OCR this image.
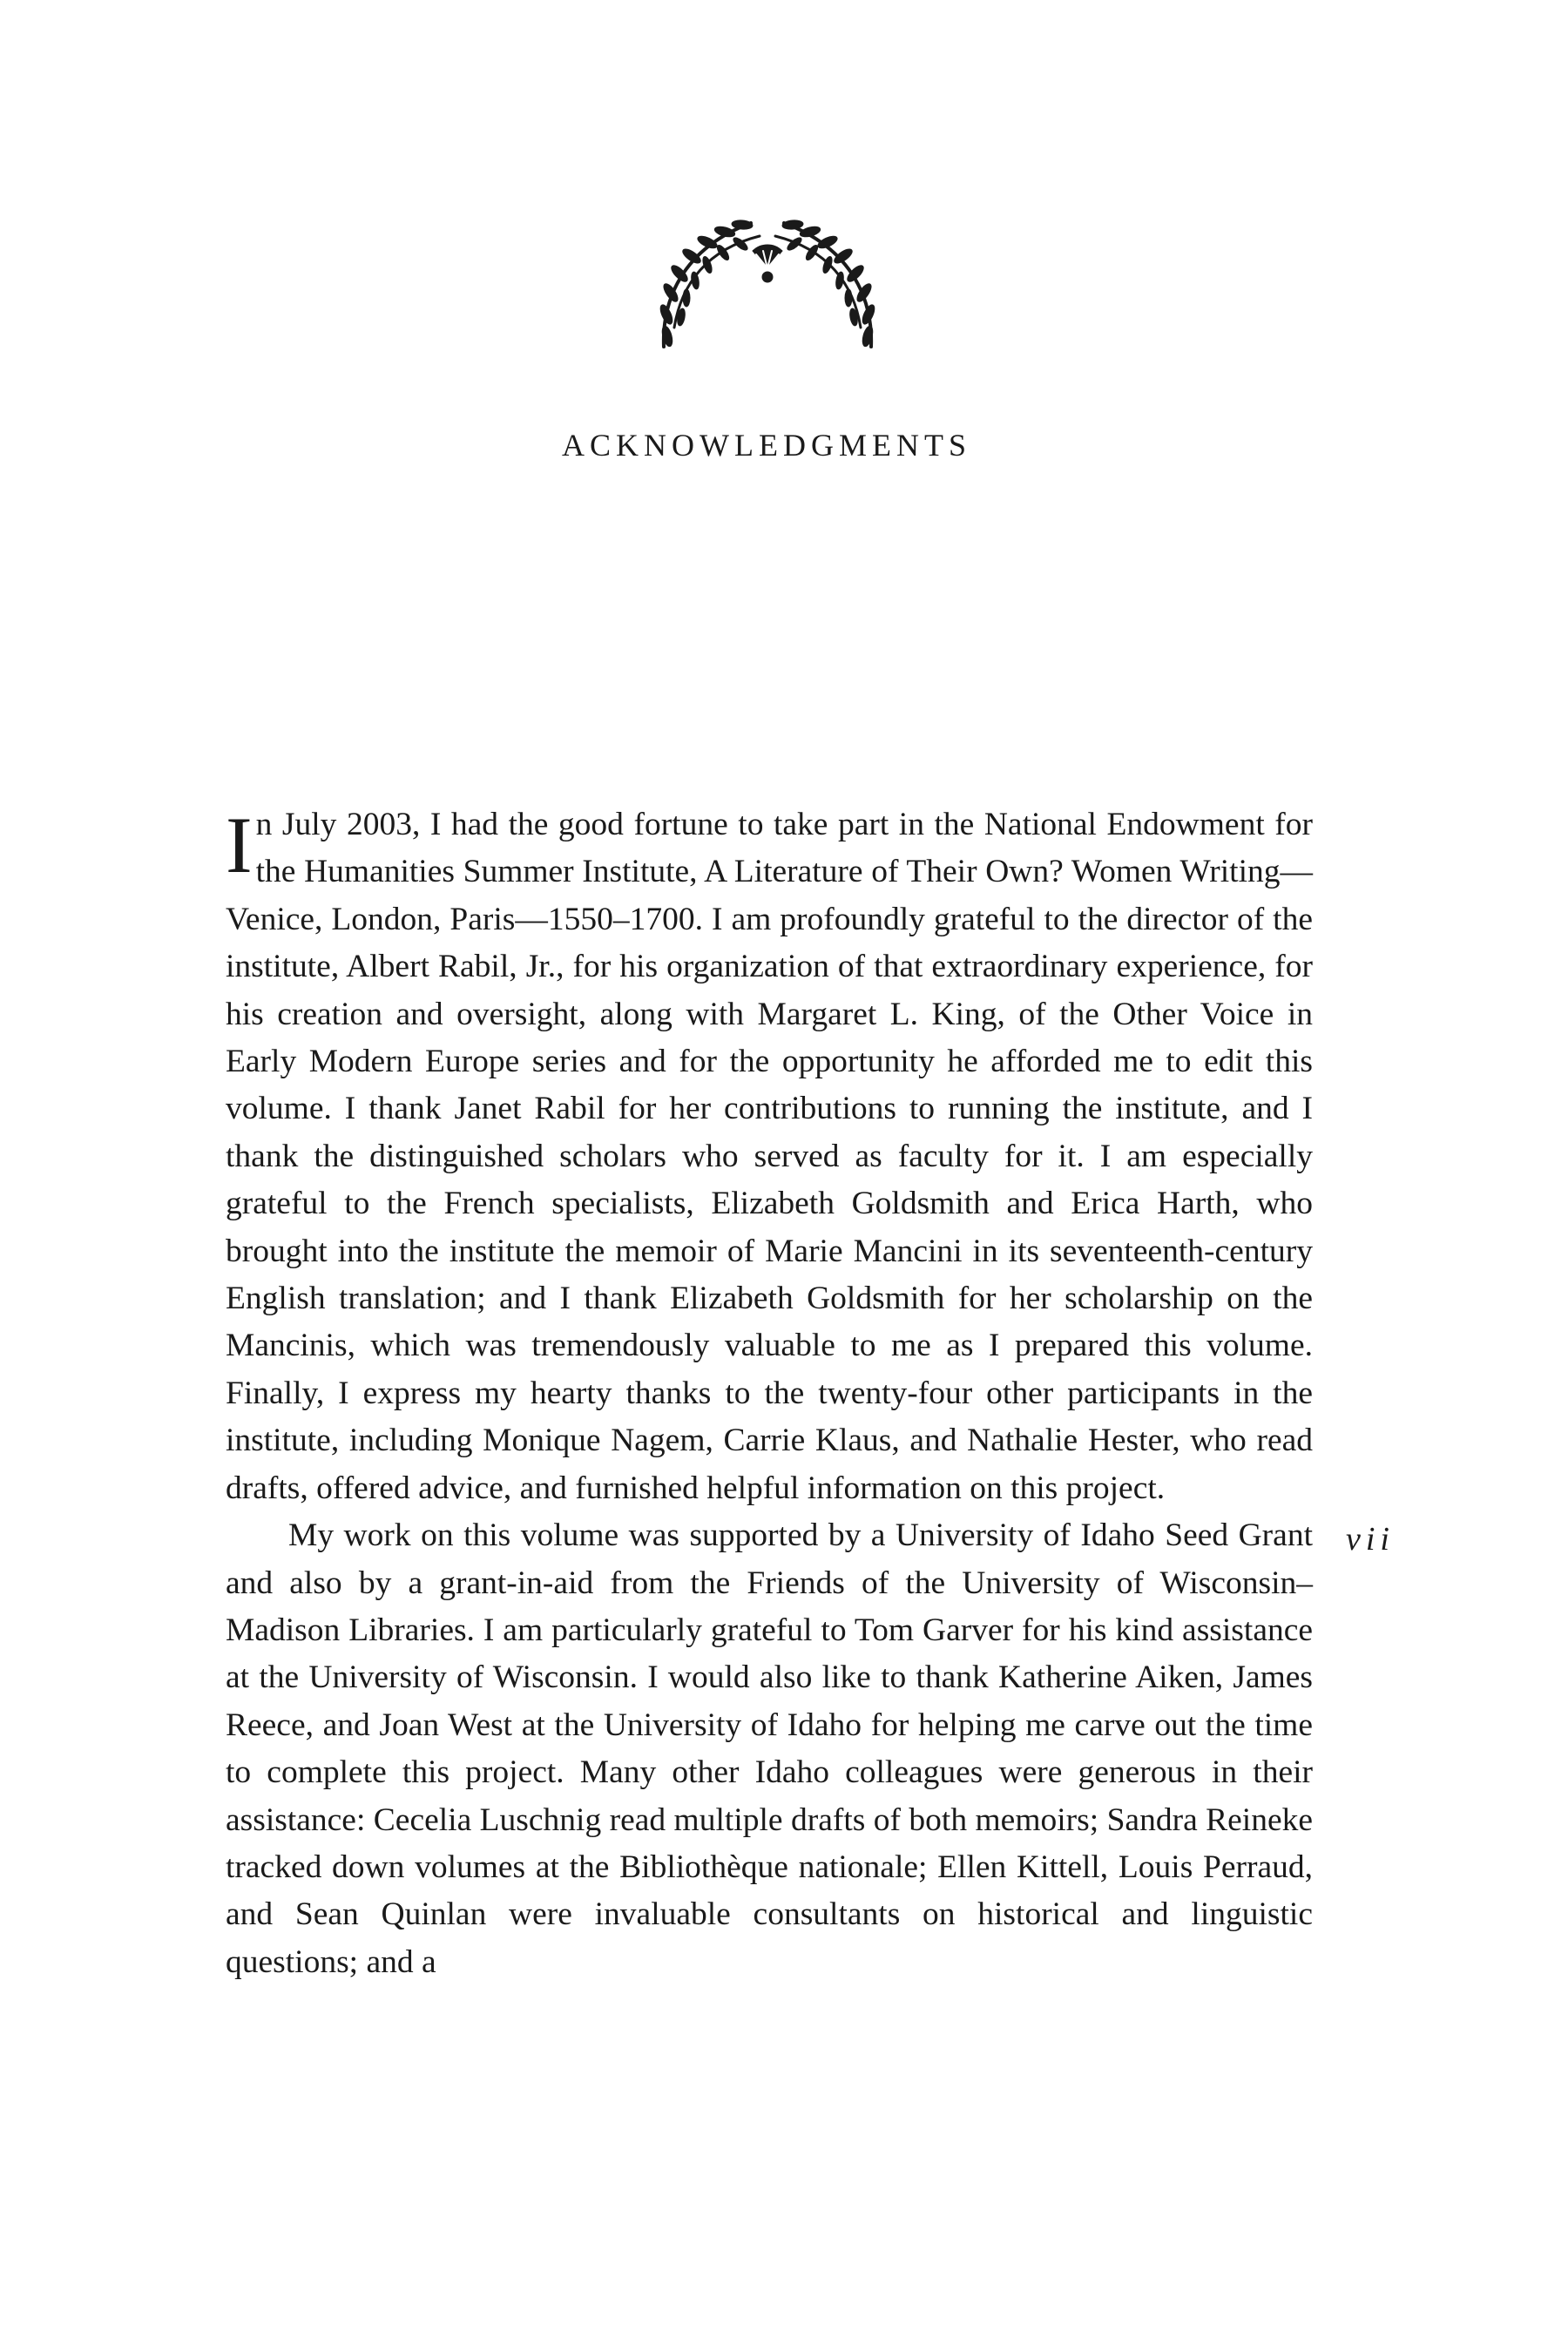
ACKNOWLEDGMENTS

In July 2003, I had the good fortune to take part in the National Endowment for the Humanities Summer Institute, A Literature of Their Own? Women Writing—Venice, London, Paris—1550–1700. I am profoundly grateful to the director of the institute, Albert Rabil, Jr., for his organization of that extraordinary experience, for his creation and oversight, along with Margaret L. King, of the Other Voice in Early Modern Europe series and for the opportunity he afforded me to edit this volume. I thank Janet Rabil for her contributions to running the institute, and I thank the distinguished scholars who served as faculty for it. I am especially grateful to the French specialists, Elizabeth Goldsmith and Erica Harth, who brought into the institute the memoir of Marie Mancini in its seventeenth-century English translation; and I thank Elizabeth Goldsmith for her scholarship on the Mancinis, which was tremendously valuable to me as I prepared this volume. Finally, I express my hearty thanks to the twenty-four other participants in the institute, including Monique Nagem, Carrie Klaus, and Nathalie Hester, who read drafts, offered advice, and furnished helpful information on this project.

My work on this volume was supported by a University of Idaho Seed Grant and also by a grant-in-aid from the Friends of the University of Wisconsin–Madison Libraries. I am particularly grateful to Tom Garver for his kind assistance at the University of Wisconsin. I would also like to thank Katherine Aiken, James Reece, and Joan West at the University of Idaho for helping me carve out the time to complete this project. Many other Idaho colleagues were generous in their assistance: Cecelia Luschnig read multiple drafts of both memoirs; Sandra Reineke tracked down volumes at the Bibliothèque nationale; Ellen Kittell, Louis Perraud, and Sean Quinlan were invaluable consultants on historical and linguistic questions; and a

vii
